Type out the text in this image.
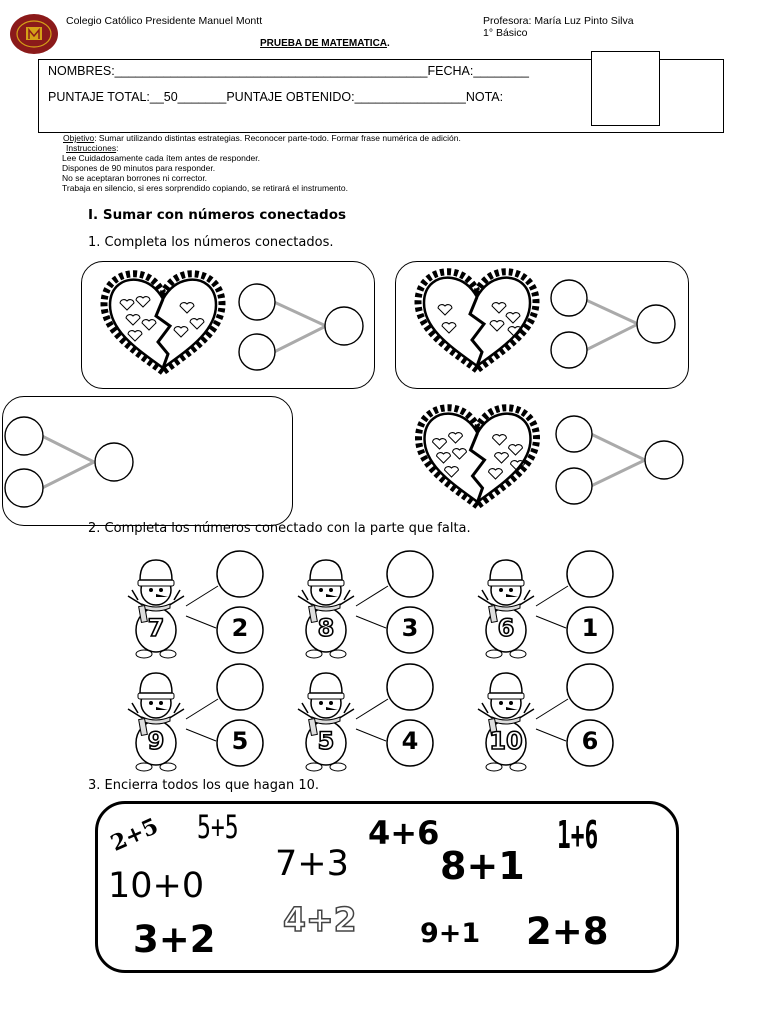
Colegio Católico Presidente Manuel Montt	Profesora: María Luz Pinto Silva
1° Básico
PRUEBA DE MATEMATICA.
NOMBRES:_____________________________________________FECHA:________
PUNTAJE TOTAL:__50_______PUNTAJE OBTENIDO:________________NOTA:
Objetivo: Sumar utilizando distintas estrategias. Reconocer parte-todo. Formar frase numérica de adición.
Instrucciones:
Lee Cuidadosamente cada ítem antes de responder.
Dispones de 90 minutos para responder.
No se aceptaran borrones ni corrector.
Trabaja en silencio, si eres sorprendido copiando, se retirará el instrumento.
I. Sumar con números conectados
1. Completa los números conectados.
2. Completa los números conectado con la parte que falta.
7	2	8	3	6	1
9	5	5	4	10	6
3. Encierra todos los que hagan 10.
2+5 5+5	4+6	1+6
7+3 8+1
10+0
3+2 4+2 9+1 2+8
